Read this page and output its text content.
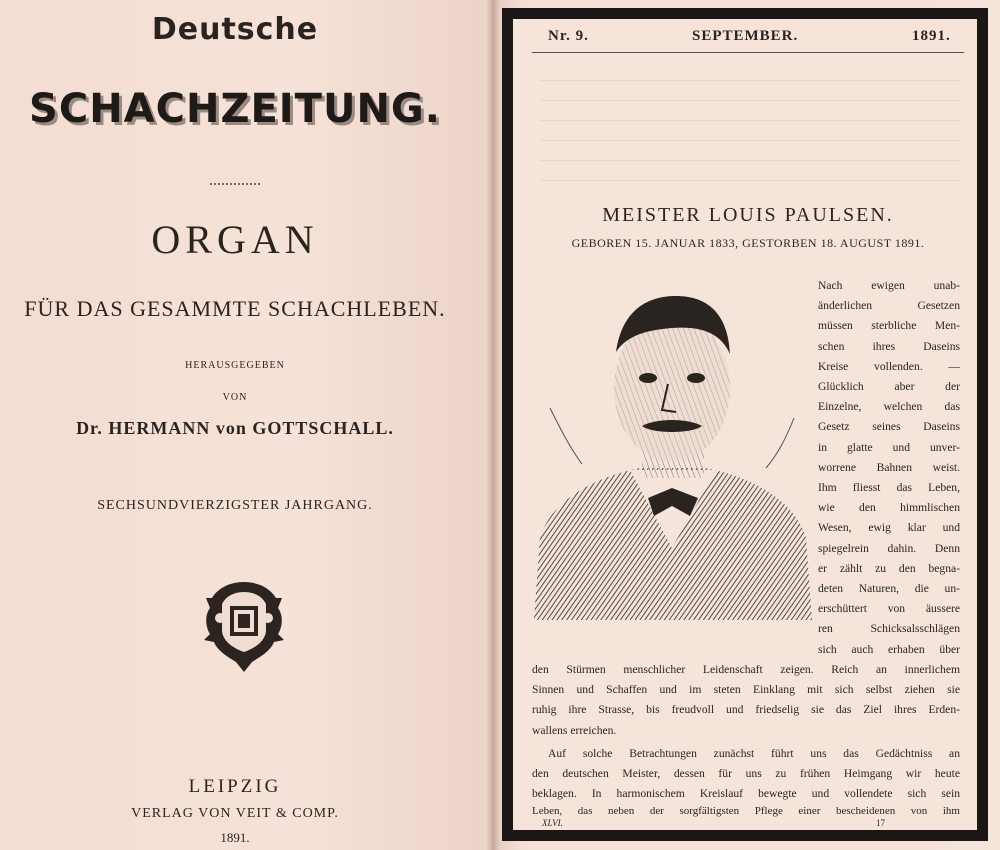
Deutsche
SCHACHZEITUNG.
ORGAN
FÜR DAS GESAMMTE SCHACHLEBEN.
HERAUSGEGEBEN
VON
Dr. HERMANN von GOTTSCHALL.
SECHSUNDVIERZIGSTER JAHRGANG.
LEIPZIG
VERLAG VON VEIT & COMP.
1891.
Nr. 9.	SEPTEMBER.	1891.
MEISTER LOUIS PAULSEN.
GEBOREN 15. JANUAR 1833, GESTORBEN 18. AUGUST 1891.
Nach ewigen unab-
änderlichen Gesetzen
müssen sterbliche Men-
schen ihres Daseins
Kreise vollenden. —
Glücklich aber der
Einzelne, welchen das
Gesetz seines Daseins
in glatte und unver-
worrene Bahnen weist.
Ihm fliesst das Leben,
wie den himmlischen
Wesen, ewig klar und
spiegelrein dahin. Denn
er zählt zu den begna-
deten Naturen, die un-
erschüttert von äussere
ren Schicksalsschlägen
sich auch erhaben über
den Stürmen menschlicher Leidenschaft zeigen. Reich an innerlichem
Sinnen und Schaffen und im steten Einklang mit sich selbst ziehen sie
ruhig ihre Strasse, bis freudvoll und friedselig sie das Ziel ihres Erden-
wallens erreichen.
Auf solche Betrachtungen zunächst führt uns das Gedächtniss an
den deutschen Meister, dessen für uns zu frühen Heimgang wir heute
beklagen. In harmonischem Kreislauf bewegte und vollendete sich sein
Leben, das neben der sorgfältigsten Pflege einer bescheidenen von ihm
XLVI.	17
